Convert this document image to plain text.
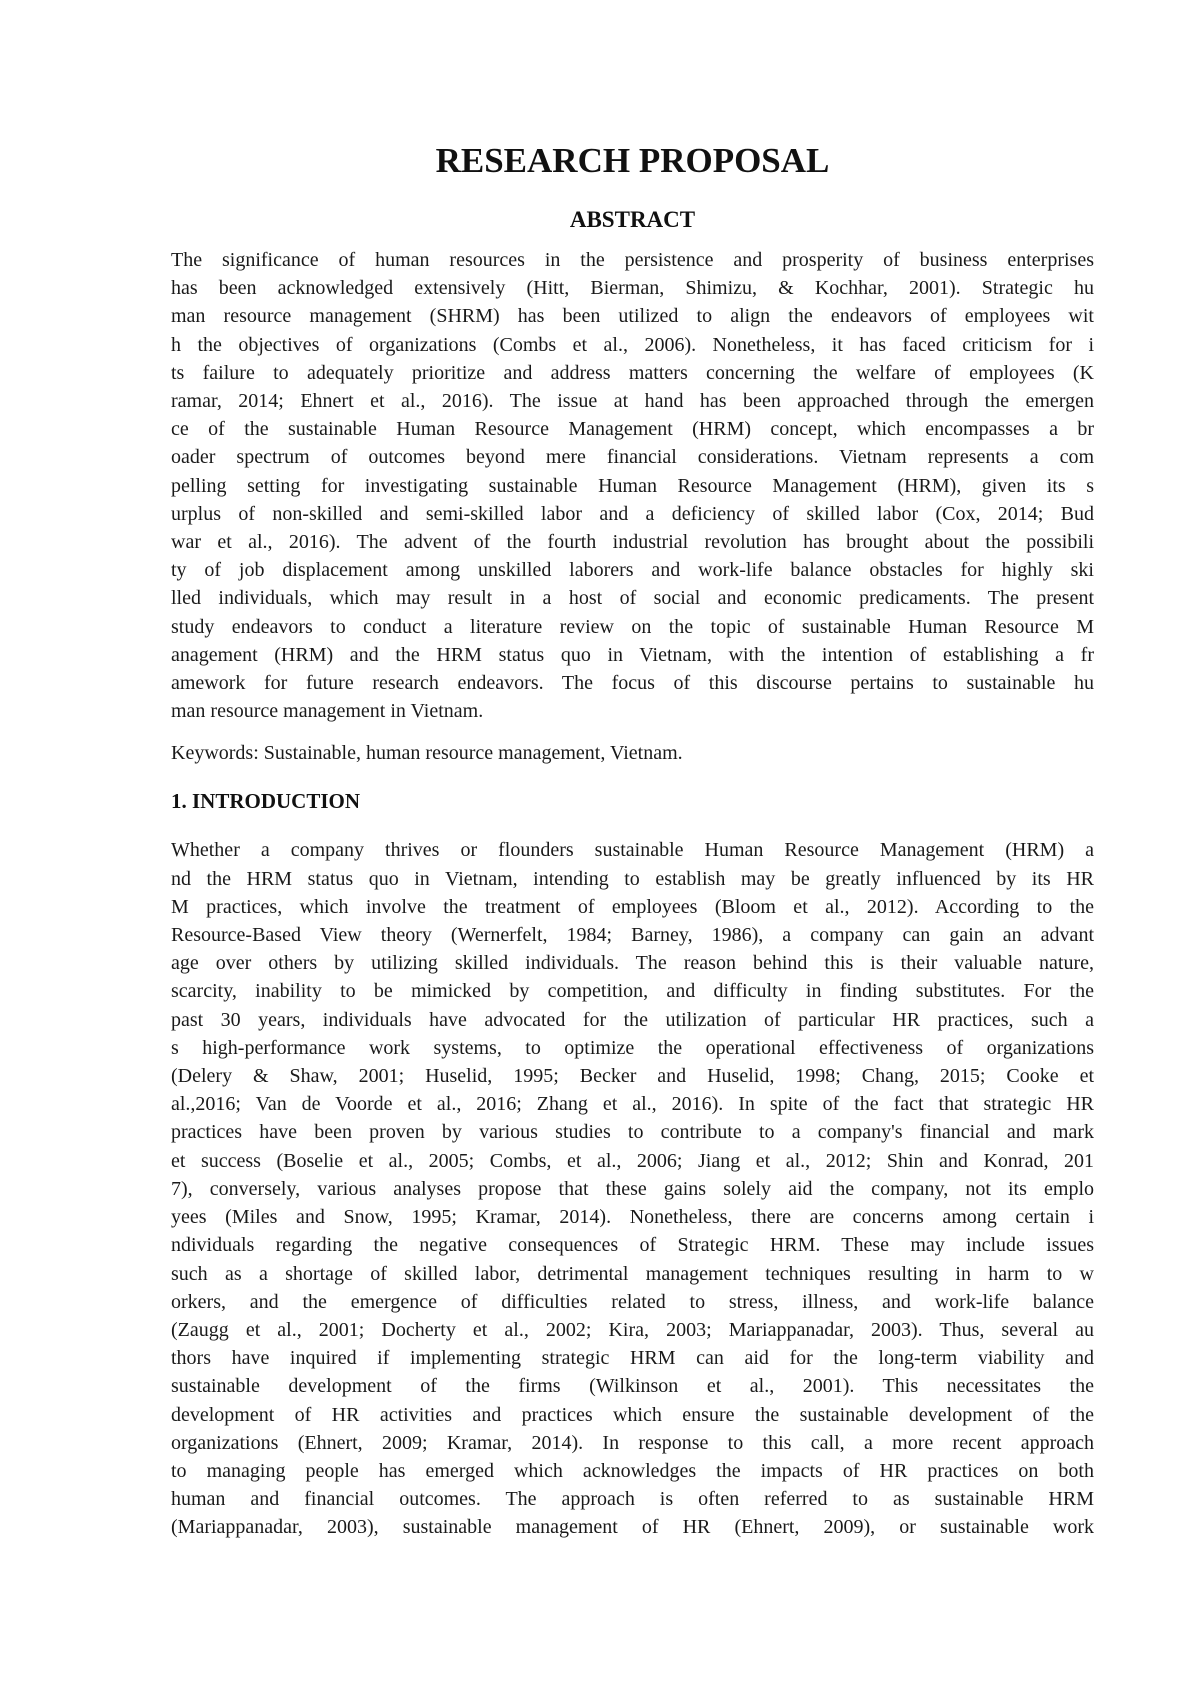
RESEARCH PROPOSAL
ABSTRACT
The significance of human resources in the persistence and prosperity of business enterprises
has been acknowledged extensively (Hitt, Bierman, Shimizu, & Kochhar, 2001). Strategic hu
man resource management (SHRM) has been utilized to align the endeavors of employees wit
h the objectives of organizations (Combs et al., 2006). Nonetheless, it has faced criticism for i
ts failure to adequately prioritize and address matters concerning the welfare of employees (K
ramar, 2014; Ehnert et al., 2016). The issue at hand has been approached through the emergen
ce of the sustainable Human Resource Management (HRM) concept, which encompasses a br
oader spectrum of outcomes beyond mere financial considerations. Vietnam represents a com
pelling setting for investigating sustainable Human Resource Management (HRM), given its s
urplus of non-skilled and semi-skilled labor and a deficiency of skilled labor (Cox, 2014; Bud
war et al., 2016). The advent of the fourth industrial revolution has brought about the possibili
ty of job displacement among unskilled laborers and work-life balance obstacles for highly ski
lled individuals, which may result in a host of social and economic predicaments. The present
study endeavors to conduct a literature review on the topic of sustainable Human Resource M
anagement (HRM) and the HRM status quo in Vietnam, with the intention of establishing a fr
amework for future research endeavors. The focus of this discourse pertains to sustainable hu
man resource management in Vietnam.

Keywords: Sustainable, human resource management, Vietnam.

1. INTRODUCTION
Whether a company thrives or flounders sustainable Human Resource Management (HRM) a
nd the HRM status quo in Vietnam, intending to establish may be greatly influenced by its HR
M practices, which involve the treatment of employees (Bloom et al., 2012). According to the
Resource-Based View theory (Wernerfelt, 1984; Barney, 1986), a company can gain an advant
age over others by utilizing skilled individuals. The reason behind this is their valuable nature,
scarcity, inability to be mimicked by competition, and difficulty in finding substitutes. For the
past 30 years, individuals have advocated for the utilization of particular HR practices, such a
s high-performance work systems, to optimize the operational effectiveness of organizations
(Delery & Shaw, 2001; Huselid, 1995; Becker and Huselid, 1998; Chang, 2015; Cooke et
al.,2016; Van de Voorde et al., 2016; Zhang et al., 2016). In spite of the fact that strategic HR
practices have been proven by various studies to contribute to a company's financial and mark
et success (Boselie et al., 2005; Combs, et al., 2006; Jiang et al., 2012; Shin and Konrad, 201
7), conversely, various analyses propose that these gains solely aid the company, not its emplo
yees (Miles and Snow, 1995; Kramar, 2014). Nonetheless, there are concerns among certain i
ndividuals regarding the negative consequences of Strategic HRM. These may include issues
such as a shortage of skilled labor, detrimental management techniques resulting in harm to w
orkers, and the emergence of difficulties related to stress, illness, and work-life balance
(Zaugg et al., 2001; Docherty et al., 2002; Kira, 2003; Mariappanadar, 2003). Thus, several au
thors have inquired if implementing strategic HRM can aid for the long-term viability and
sustainable development of the firms (Wilkinson et al., 2001). This necessitates the
development of HR activities and practices which ensure the sustainable development of the
organizations (Ehnert, 2009; Kramar, 2014). In response to this call, a more recent approach
to managing people has emerged which acknowledges the impacts of HR practices on both
human and financial outcomes. The approach is often referred to as sustainable HRM
(Mariappanadar, 2003), sustainable management of HR (Ehnert, 2009), or sustainable work
